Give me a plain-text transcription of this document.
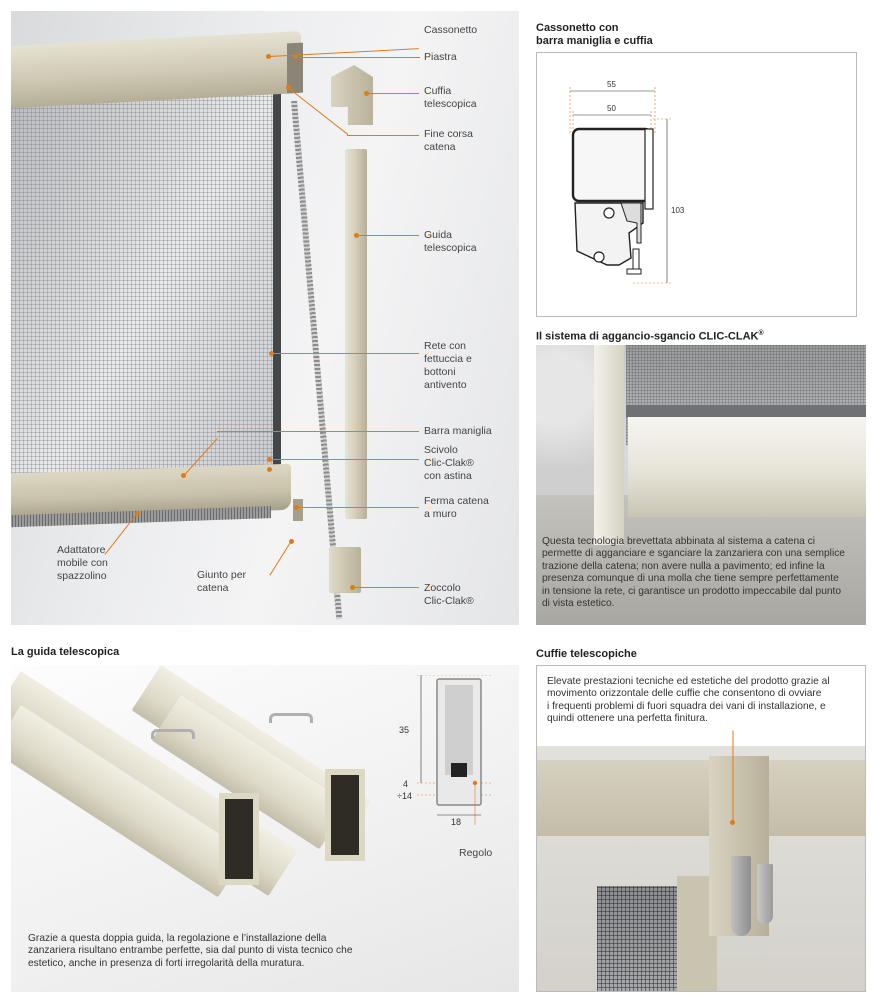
Cassonetto
Piastra
Cuffia
telescopica
Fine corsa
catena
Guida
telescopica
Rete con
fettuccia e
bottoni
antivento
Barra maniglia
Scivolo
Clic-Clak®
con astina
Ferma catena
a muro
Zoccolo
Clic-Clak®
Adattatore
mobile con
spazzolino	Giunto per
catena
Cassonetto con
barra maniglia e cuffia
55
50
103
Il sistema di aggancio-sgancio CLIC-CLAK®
Questa tecnologia brevettata abbinata al sistema a catena ci
permette di agganciare e sganciare la zanzariera con una semplice
trazione della catena; non avere nulla a pavimento; ed infine la
presenza comunque di una molla che tiene sempre perfettamente
in tensione la rete, ci garantisce un prodotto impeccabile dal punto
di vista estetico.
La guida telescopica
35
4
÷14
18
Regolo
Grazie a questa doppia guida, la regolazione e l’installazione della
zanzariera risultano entrambe perfette, sia dal punto di vista tecnico che
estetico, anche in presenza di forti irregolarità della muratura.
Cuffie telescopiche
Elevate prestazioni tecniche ed estetiche del prodotto grazie al
movimento orizzontale delle cuffie che consentono di ovviare
i frequenti problemi di fuori squadra dei vani di installazione, e
quindi ottenere una perfetta finitura.
